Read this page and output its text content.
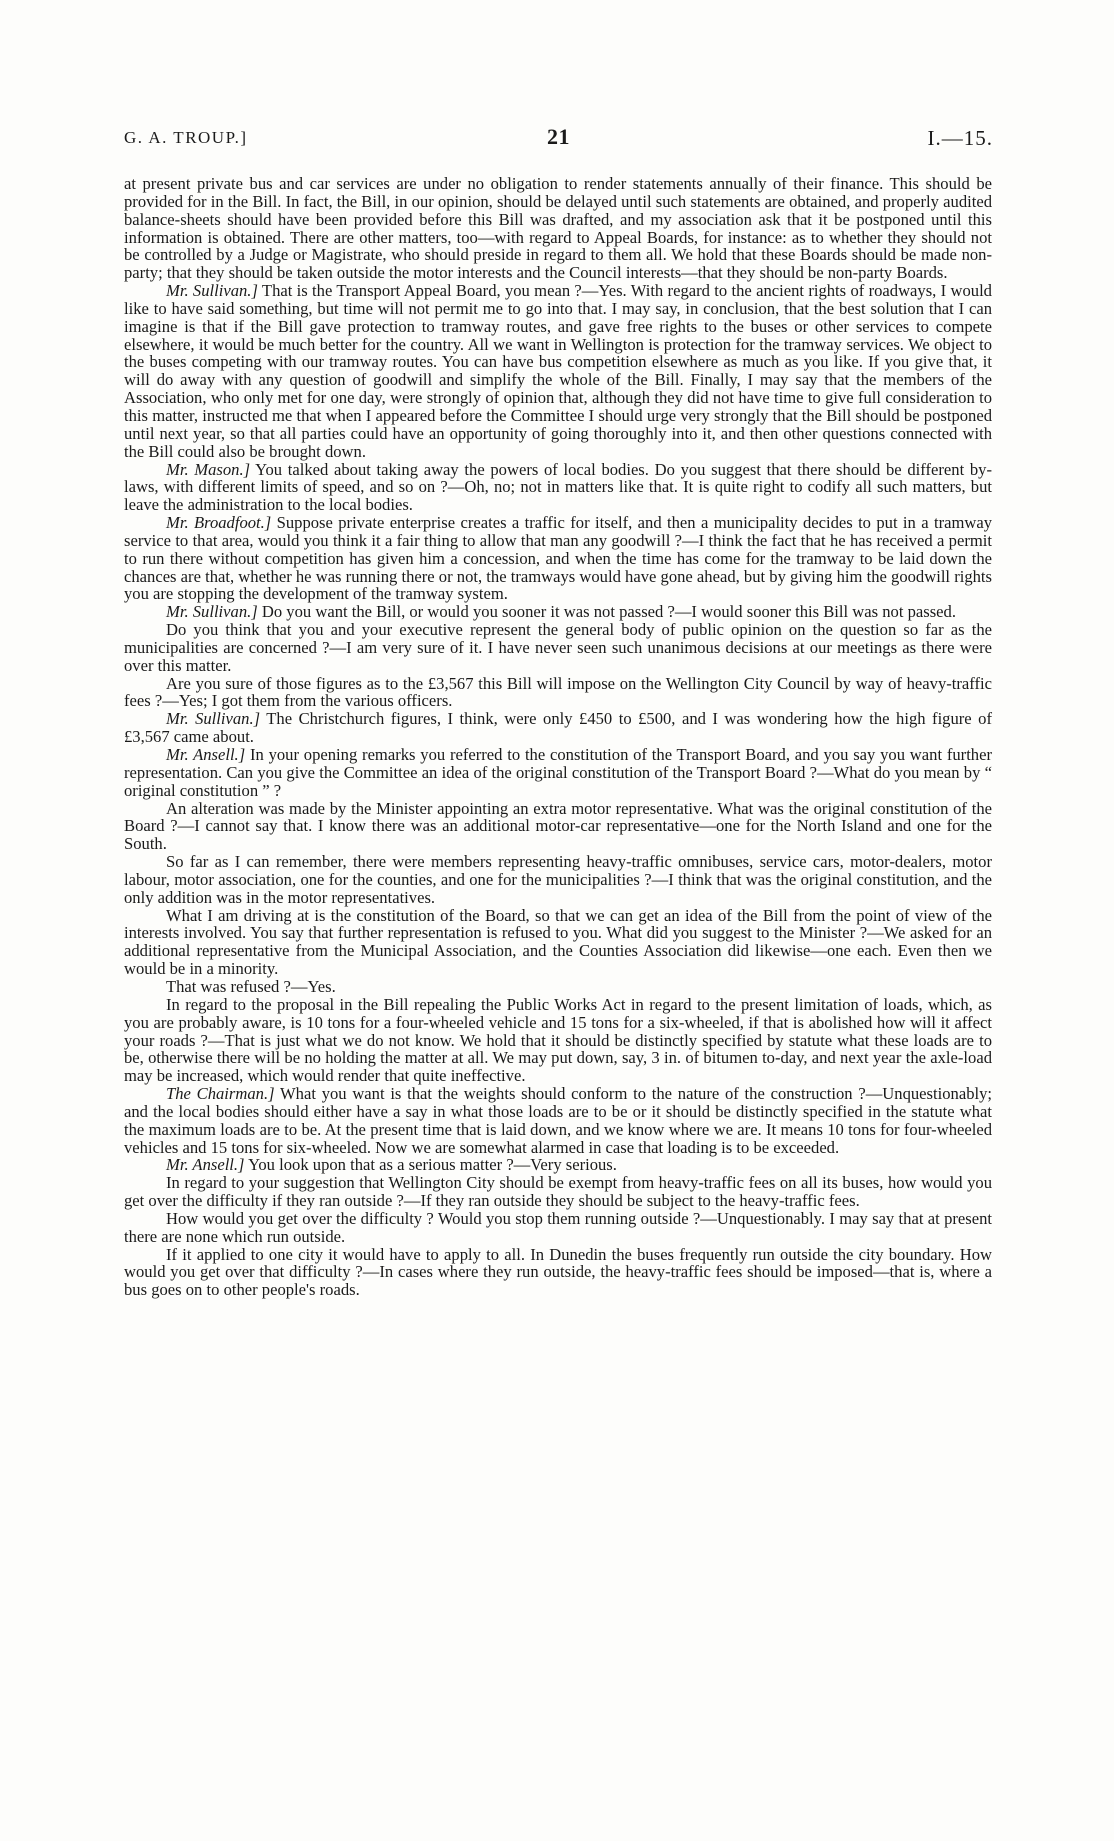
G. A. TROUP.]	21	I.—15.

at present private bus and car services are under no obligation to render statements annually of their finance. This should be provided for in the Bill. In fact, the Bill, in our opinion, should be delayed until such statements are obtained, and properly audited balance-sheets should have been provided before this Bill was drafted, and my association ask that it be postponed until this information is obtained. There are other matters, too—with regard to Appeal Boards, for instance: as to whether they should not be controlled by a Judge or Magistrate, who should preside in regard to them all. We hold that these Boards should be made non-party; that they should be taken outside the motor interests and the Council interests—that they should be non-party Boards.

Mr. Sullivan.] That is the Transport Appeal Board, you mean ?—Yes. With regard to the ancient rights of roadways, I would like to have said something, but time will not permit me to go into that. I may say, in conclusion, that the best solution that I can imagine is that if the Bill gave protection to tramway routes, and gave free rights to the buses or other services to compete elsewhere, it would be much better for the country. All we want in Wellington is protection for the tramway services. We object to the buses competing with our tramway routes. You can have bus competition elsewhere as much as you like. If you give that, it will do away with any question of goodwill and simplify the whole of the Bill. Finally, I may say that the members of the Association, who only met for one day, were strongly of opinion that, although they did not have time to give full consideration to this matter, instructed me that when I appeared before the Committee I should urge very strongly that the Bill should be postponed until next year, so that all parties could have an opportunity of going thoroughly into it, and then other questions connected with the Bill could also be brought down.

Mr. Mason.] You talked about taking away the powers of local bodies. Do you suggest that there should be different by-laws, with different limits of speed, and so on ?—Oh, no; not in matters like that. It is quite right to codify all such matters, but leave the administration to the local bodies.

Mr. Broadfoot.] Suppose private enterprise creates a traffic for itself, and then a municipality decides to put in a tramway service to that area, would you think it a fair thing to allow that man any goodwill ?—I think the fact that he has received a permit to run there without competition has given him a concession, and when the time has come for the tramway to be laid down the chances are that, whether he was running there or not, the tramways would have gone ahead, but by giving him the goodwill rights you are stopping the development of the tramway system.

Mr. Sullivan.] Do you want the Bill, or would you sooner it was not passed ?—I would sooner this Bill was not passed.

Do you think that you and your executive represent the general body of public opinion on the question so far as the municipalities are concerned ?—I am very sure of it. I have never seen such unanimous decisions at our meetings as there were over this matter.

Are you sure of those figures as to the £3,567 this Bill will impose on the Wellington City Council by way of heavy-traffic fees ?—Yes; I got them from the various officers.

Mr. Sullivan.] The Christchurch figures, I think, were only £450 to £500, and I was wondering how the high figure of £3,567 came about.

Mr. Ansell.] In your opening remarks you referred to the constitution of the Transport Board, and you say you want further representation. Can you give the Committee an idea of the original constitution of the Transport Board ?—What do you mean by “ original constitution ” ?

An alteration was made by the Minister appointing an extra motor representative. What was the original constitution of the Board ?—I cannot say that. I know there was an additional motor-car representative—one for the North Island and one for the South.

So far as I can remember, there were members representing heavy-traffic omnibuses, service cars, motor-dealers, motor labour, motor association, one for the counties, and one for the municipalities ?—I think that was the original constitution, and the only addition was in the motor representatives.

What I am driving at is the constitution of the Board, so that we can get an idea of the Bill from the point of view of the interests involved. You say that further representation is refused to you. What did you suggest to the Minister ?—We asked for an additional representative from the Municipal Association, and the Counties Association did likewise—one each. Even then we would be in a minority.

That was refused ?—Yes.

In regard to the proposal in the Bill repealing the Public Works Act in regard to the present limitation of loads, which, as you are probably aware, is 10 tons for a four-wheeled vehicle and 15 tons for a six-wheeled, if that is abolished how will it affect your roads ?—That is just what we do not know. We hold that it should be distinctly specified by statute what these loads are to be, otherwise there will be no holding the matter at all. We may put down, say, 3 in. of bitumen to-day, and next year the axle-load may be increased, which would render that quite ineffective.

The Chairman.] What you want is that the weights should conform to the nature of the construction ?—Unquestionably; and the local bodies should either have a say in what those loads are to be or it should be distinctly specified in the statute what the maximum loads are to be. At the present time that is laid down, and we know where we are. It means 10 tons for four-wheeled vehicles and 15 tons for six-wheeled. Now we are somewhat alarmed in case that loading is to be exceeded.

Mr. Ansell.] You look upon that as a serious matter ?—Very serious.

In regard to your suggestion that Wellington City should be exempt from heavy-traffic fees on all its buses, how would you get over the difficulty if they ran outside ?—If they ran outside they should be subject to the heavy-traffic fees.

How would you get over the difficulty ? Would you stop them running outside ?—Unquestionably. I may say that at present there are none which run outside.

If it applied to one city it would have to apply to all. In Dunedin the buses frequently run outside the city boundary. How would you get over that difficulty ?—In cases where they run outside, the heavy-traffic fees should be imposed—that is, where a bus goes on to other people's roads.
